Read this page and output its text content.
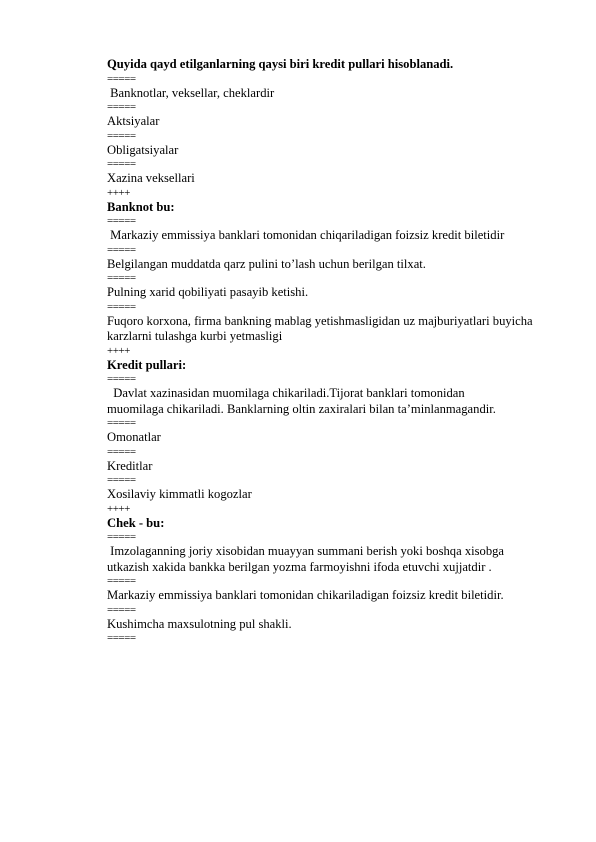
Quyida qayd etilganlarning qaysi biri kredit pullari hisoblanadi.
=====
Banknotlar, veksellar, cheklardir
=====
Aktsiyalar
=====
Obligatsiyalar
=====
Xazina veksellari
++++
Banknot bu:
=====
Markaziy emmissiya banklari tomonidan chiqariladigan foizsiz kredit biletidir
=====
Belgilangan muddatda qarz pulini to’lash uchun berilgan tilxat.
=====
Pulning xarid qobiliyati pasayib ketishi.
=====
Fuqoro korxona, firma bankning mablag yetishmasligidan uz majburiyatlari buyicha karzlarni tulashga kurbi yetmasligi
++++
Kredit pullari:
=====
Davlat xazinasidan muomilaga chikariladi.Tijorat banklari tomonidan muomilaga chikariladi. Banklarning oltin zaxiralari bilan ta’minlanmagandir.
=====
Omonatlar
=====
Kreditlar
=====
Xosilaviy kimmatli kogozlar
++++
Chek - bu:
=====
Imzolaganning joriy xisobidan muayyan summani berish yoki boshqa xisobga utkazish xakida bankka berilgan yozma farmoyishni ifoda etuvchi xujjatdir .
=====
Markaziy emmissiya banklari tomonidan chikariladigan foizsiz kredit biletidir.
=====
Kushimcha maxsulotning pul shakli.
=====
